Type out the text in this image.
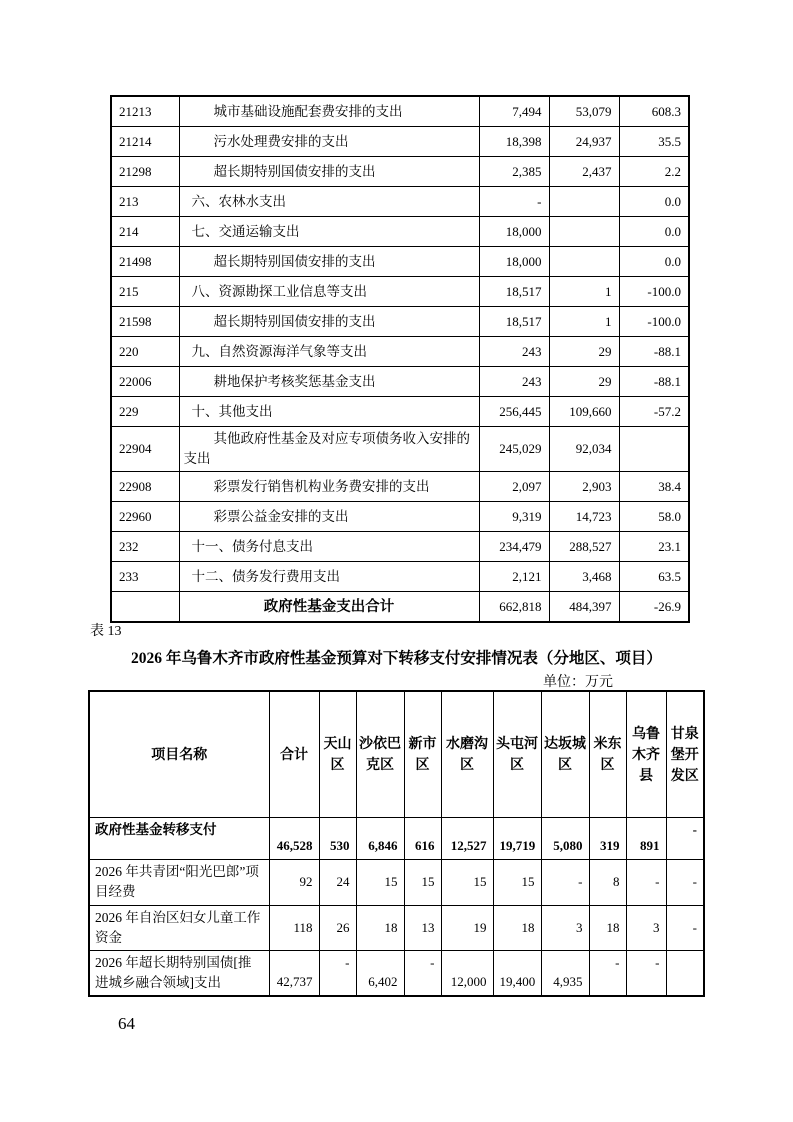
21213	城市基础设施配套费安排的支出	7,494	53,079	608.3
21214	污水处理费安排的支出	18,398	24,937	35.5
21298	超长期特别国债安排的支出	2,385	2,437	2.2
213	六、农林水支出	-		0.0
214	七、交通运输支出	18,000		0.0
21498	超长期特别国债安排的支出	18,000		0.0
215	八、资源勘探工业信息等支出	18,517	1	-100.0
21598	超长期特别国债安排的支出	18,517	1	-100.0
220	九、自然资源海洋气象等支出	243	29	-88.1
22006	耕地保护考核奖惩基金支出	243	29	-88.1
229	十、其他支出	256,445	109,660	-57.2
22904	其他政府性基金及对应专项债务收入安排的支出	245,029	92,034	
22908	彩票发行销售机构业务费安排的支出	2,097	2,903	38.4
22960	彩票公益金安排的支出	9,319	14,723	58.0
232	十一、债务付息支出	234,479	288,527	23.1
233	十二、债务发行费用支出	2,121	3,468	63.5
	政府性基金支出合计	662,818	484,397	-26.9
表 13
2026 年乌鲁木齐市政府性基金预算对下转移支付安排情况表（分地区、项目）
单位：万元
项目名称	合计	天山区	沙依巴克区	新市区	水磨沟区	头屯河区	达坂城区	米东区	乌鲁木齐县	甘泉堡开发区
政府性基金转移支付	46,528	530	6,846	616	12,527	19,719	5,080	319	891	-
2026 年共青团“阳光巴郎”项目经费	92	24	15	15	15	15	-	8	-	-
2026 年自治区妇女儿童工作资金	118	26	18	13	19	18	3	18	3	-
2026 年超长期特别国债[推进城乡融合领域]支出	42,737	-	6,402	-	12,000	19,400	4,935	-	-	
64
